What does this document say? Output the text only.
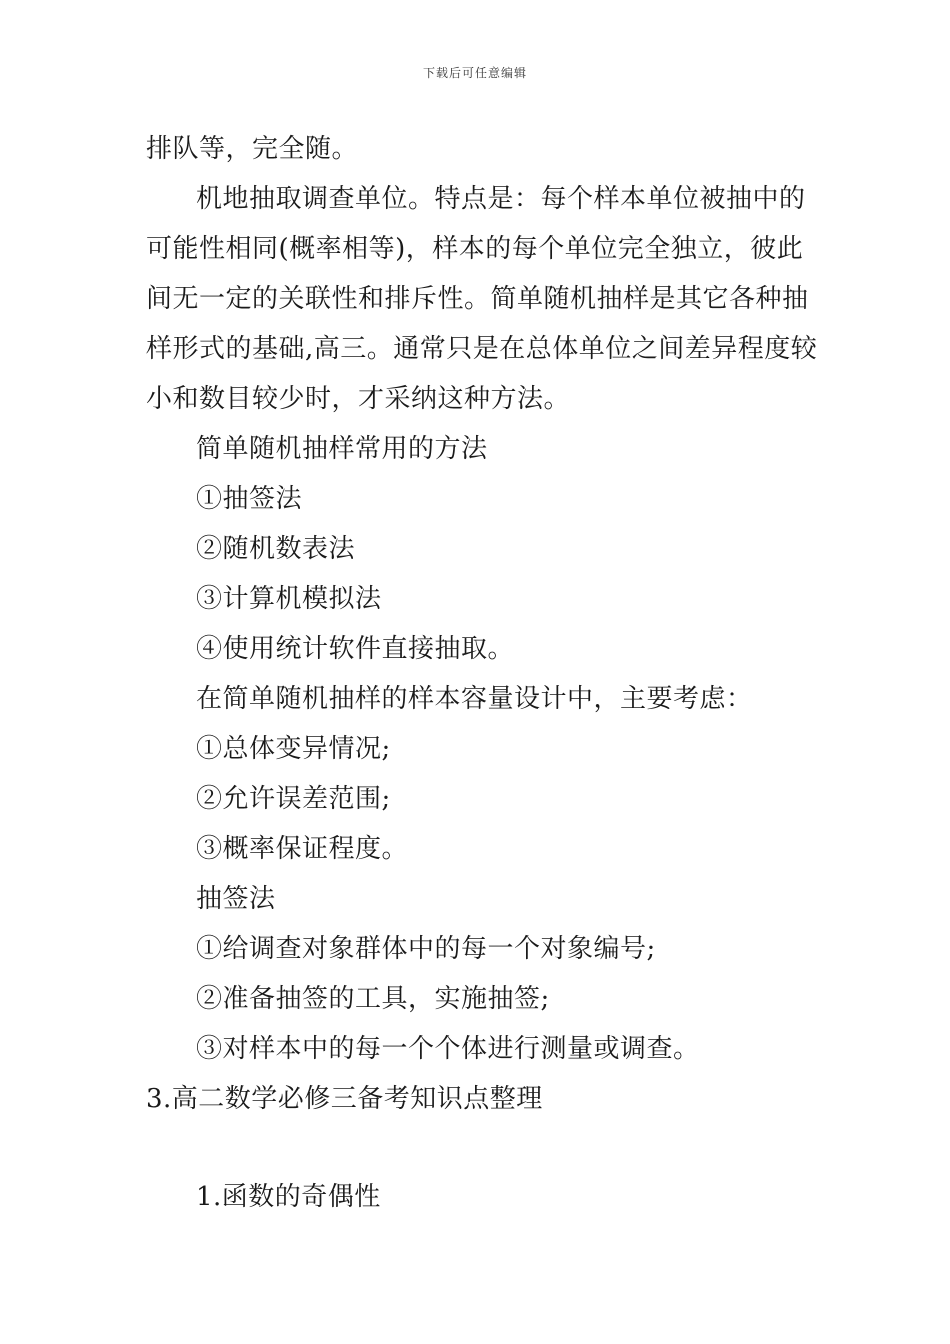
下载后可任意编辑
排队等，完全随。
机地抽取调查单位。特点是：每个样本单位被抽中的
可能性相同(概率相等)，样本的每个单位完全独立，彼此
间无一定的关联性和排斥性。简单随机抽样是其它各种抽
样形式的基础,高三。通常只是在总体单位之间差异程度较
小和数目较少时，才采纳这种方法。
简单随机抽样常用的方法
①抽签法
②随机数表法
③计算机模拟法
④使用统计软件直接抽取。
在简单随机抽样的样本容量设计中，主要考虑：
①总体变异情况;
②允许误差范围;
③概率保证程度。
抽签法
①给调查对象群体中的每一个对象编号;
②准备抽签的工具，实施抽签;
③对样本中的每一个个体进行测量或调查。
3.高二数学必修三备考知识点整理
1.函数的奇偶性
